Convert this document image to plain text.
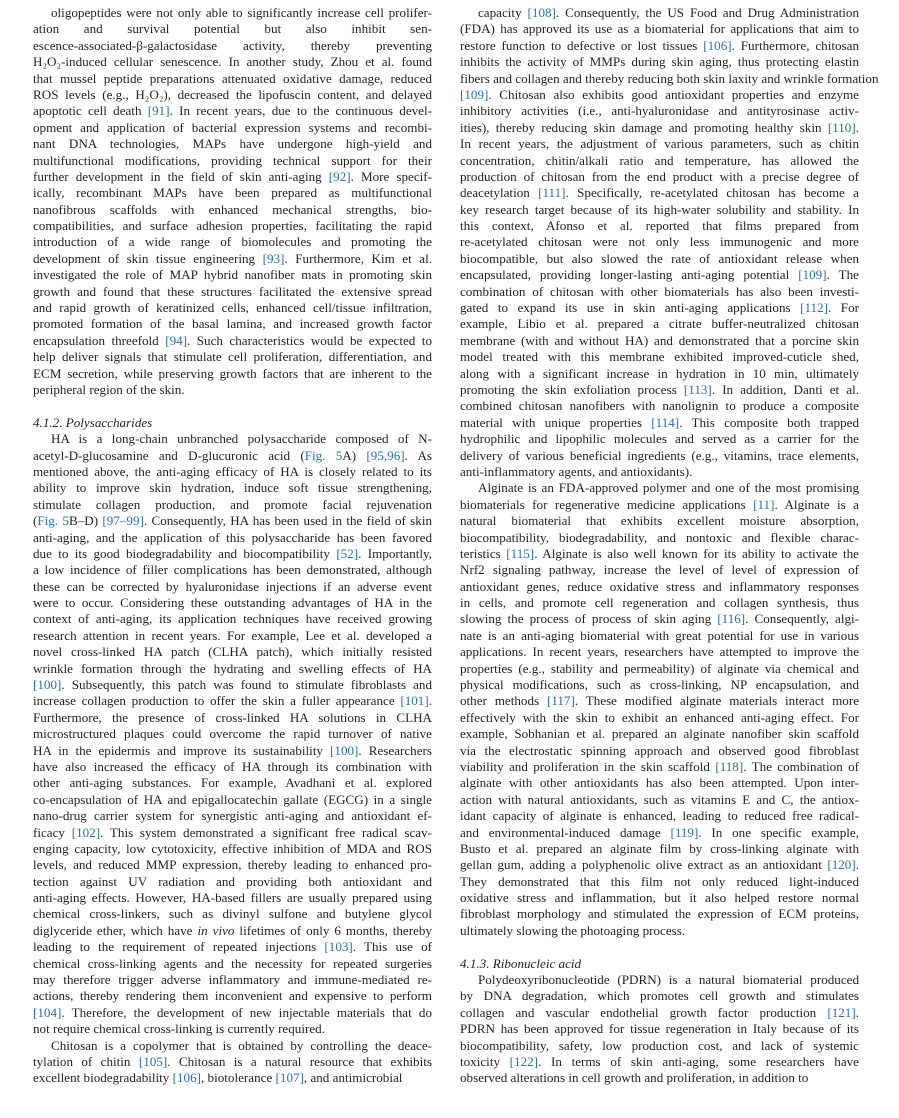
oligopeptides were not only able to significantly increase cell prolifer-
ation and survival potential but also inhibit sen-
escence-associated-β-galactosidase activity, thereby preventing
H₂O₂-induced cellular senescence. In another study, Zhou et al. found
that mussel peptide preparations attenuated oxidative damage, reduced
ROS levels (e.g., H₂O₂), decreased the lipofuscin content, and delayed
apoptotic cell death [91]. In recent years, due to the continuous devel-
opment and application of bacterial expression systems and recombi-
nant DNA technologies, MAPs have undergone high-yield and
multifunctional modifications, providing technical support for their
further development in the field of skin anti-aging [92]. More specif-
ically, recombinant MAPs have been prepared as multifunctional
nanofibrous scaffolds with enhanced mechanical strengths, bio-
compatibilities, and surface adhesion properties, facilitating the rapid
introduction of a wide range of biomolecules and promoting the
development of skin tissue engineering [93]. Furthermore, Kim et al.
investigated the role of MAP hybrid nanofiber mats in promoting skin
growth and found that these structures facilitated the extensive spread
and rapid growth of keratinized cells, enhanced cell/tissue infiltration,
promoted formation of the basal lamina, and increased growth factor
encapsulation threefold [94]. Such characteristics would be expected to
help deliver signals that stimulate cell proliferation, differentiation, and
ECM secretion, while preserving growth factors that are inherent to the
peripheral region of the skin.
4.1.2. Polysaccharides
HA is a long-chain unbranched polysaccharide composed of N-
acetyl-D-glucosamine and D-glucuronic acid (Fig. 5A) [95,96]. As
mentioned above, the anti-aging efficacy of HA is closely related to its
ability to improve skin hydration, induce soft tissue strengthening,
stimulate collagen production, and promote facial rejuvenation
(Fig. 5B–D) [97–99]. Consequently, HA has been used in the field of skin
anti-aging, and the application of this polysaccharide has been favored
due to its good biodegradability and biocompatibility [52]. Importantly,
a low incidence of filler complications has been demonstrated, although
these can be corrected by hyaluronidase injections if an adverse event
were to occur. Considering these outstanding advantages of HA in the
context of anti-aging, its application techniques have received growing
research attention in recent years. For example, Lee et al. developed a
novel cross-linked HA patch (CLHA patch), which initially resisted
wrinkle formation through the hydrating and swelling effects of HA
[100]. Subsequently, this patch was found to stimulate fibroblasts and
increase collagen production to offer the skin a fuller appearance [101].
Furthermore, the presence of cross-linked HA solutions in CLHA
microstructured plaques could overcome the rapid turnover of native
HA in the epidermis and improve its sustainability [100]. Researchers
have also increased the efficacy of HA through its combination with
other anti-aging substances. For example, Avadhani et al. explored
co-encapsulation of HA and epigallocatechin gallate (EGCG) in a single
nano-drug carrier system for synergistic anti-aging and antioxidant ef-
ficacy [102]. This system demonstrated a significant free radical scav-
enging capacity, low cytotoxicity, effective inhibition of MDA and ROS
levels, and reduced MMP expression, thereby leading to enhanced pro-
tection against UV radiation and providing both antioxidant and
anti-aging effects. However, HA-based fillers are usually prepared using
chemical cross-linkers, such as divinyl sulfone and butylene glycol
diglyceride ether, which have in vivo lifetimes of only 6 months, thereby
leading to the requirement of repeated injections [103]. This use of
chemical cross-linking agents and the necessity for repeated surgeries
may therefore trigger adverse inflammatory and immune-mediated re-
actions, thereby rendering them inconvenient and expensive to perform
[104]. Therefore, the development of new injectable materials that do
not require chemical cross-linking is currently required.
Chitosan is a copolymer that is obtained by controlling the deace-
tylation of chitin [105]. Chitosan is a natural resource that exhibits
excellent biodegradability [106], biotolerance [107], and antimicrobial
capacity [108]. Consequently, the US Food and Drug Administration
(FDA) has approved its use as a biomaterial for applications that aim to
restore function to defective or lost tissues [106]. Furthermore, chitosan
inhibits the activity of MMPs during skin aging, thus protecting elastin
fibers and collagen and thereby reducing both skin laxity and wrinkle formation
[109]. Chitosan also exhibits good antioxidant properties and enzyme
inhibitory activities (i.e., anti-hyaluronidase and antityrosinase activ-
ities), thereby reducing skin damage and promoting healthy skin [110].
In recent years, the adjustment of various parameters, such as chitin
concentration, chitin/alkali ratio and temperature, has allowed the
production of chitosan from the end product with a precise degree of
deacetylation [111]. Specifically, re-acetylated chitosan has become a
key research target because of its high-water solubility and stability. In
this context, Afonso et al. reported that films prepared from
re-acetylated chitosan were not only less immunogenic and more
biocompatible, but also slowed the rate of antioxidant release when
encapsulated, providing longer-lasting anti-aging potential [109]. The
combination of chitosan with other biomaterials has also been investi-
gated to expand its use in skin anti-aging applications [112]. For
example, Libio et al. prepared a citrate buffer-neutralized chitosan
membrane (with and without HA) and demonstrated that a porcine skin
model treated with this membrane exhibited improved-cuticle shed,
along with a significant increase in hydration in 10 min, ultimately
promoting the skin exfoliation process [113]. In addition, Danti et al.
combined chitosan nanofibers with nanolignin to produce a composite
material with unique properties [114]. This composite both trapped
hydrophilic and lipophilic molecules and served as a carrier for the
delivery of various beneficial ingredients (e.g., vitamins, trace elements,
anti-inflammatory agents, and antioxidants).
Alginate is an FDA-approved polymer and one of the most promising
biomaterials for regenerative medicine applications [11]. Alginate is a
natural biomaterial that exhibits excellent moisture absorption,
biocompatibility, biodegradability, and nontoxic and flexible charac-
teristics [115]. Alginate is also well known for its ability to activate the
Nrf2 signaling pathway, increase the level of level of expression of
antioxidant genes, reduce oxidative stress and inflammatory responses
in cells, and promote cell regeneration and collagen synthesis, thus
slowing the process of process of skin aging [116]. Consequently, algi-
nate is an anti-aging biomaterial with great potential for use in various
applications. In recent years, researchers have attempted to improve the
properties (e.g., stability and permeability) of alginate via chemical and
physical modifications, such as cross-linking, NP encapsulation, and
other methods [117]. These modified alginate materials interact more
effectively with the skin to exhibit an enhanced anti-aging effect. For
example, Sobhanian et al. prepared an alginate nanofiber skin scaffold
via the electrostatic spinning approach and observed good fibroblast
viability and proliferation in the skin scaffold [118]. The combination of
alginate with other antioxidants has also been attempted. Upon inter-
action with natural antioxidants, such as vitamins E and C, the antiox-
idant capacity of alginate is enhanced, leading to reduced free radical-
and environmental-induced damage [119]. In one specific example,
Busto et al. prepared an alginate film by cross-linking alginate with
gellan gum, adding a polyphenolic olive extract as an antioxidant [120].
They demonstrated that this film not only reduced light-induced
oxidative stress and inflammation, but it also helped restore normal
fibroblast morphology and stimulated the expression of ECM proteins,
ultimately slowing the photoaging process.
4.1.3. Ribonucleic acid
Polydeoxyribonucleotide (PDRN) is a natural biomaterial produced
by DNA degradation, which promotes cell growth and stimulates
collagen and vascular endothelial growth factor production [121].
PDRN has been approved for tissue regeneration in Italy because of its
biocompatibility, safety, low production cost, and lack of systemic
toxicity [122]. In terms of skin anti-aging, some researchers have
observed alterations in cell growth and proliferation, in addition to
